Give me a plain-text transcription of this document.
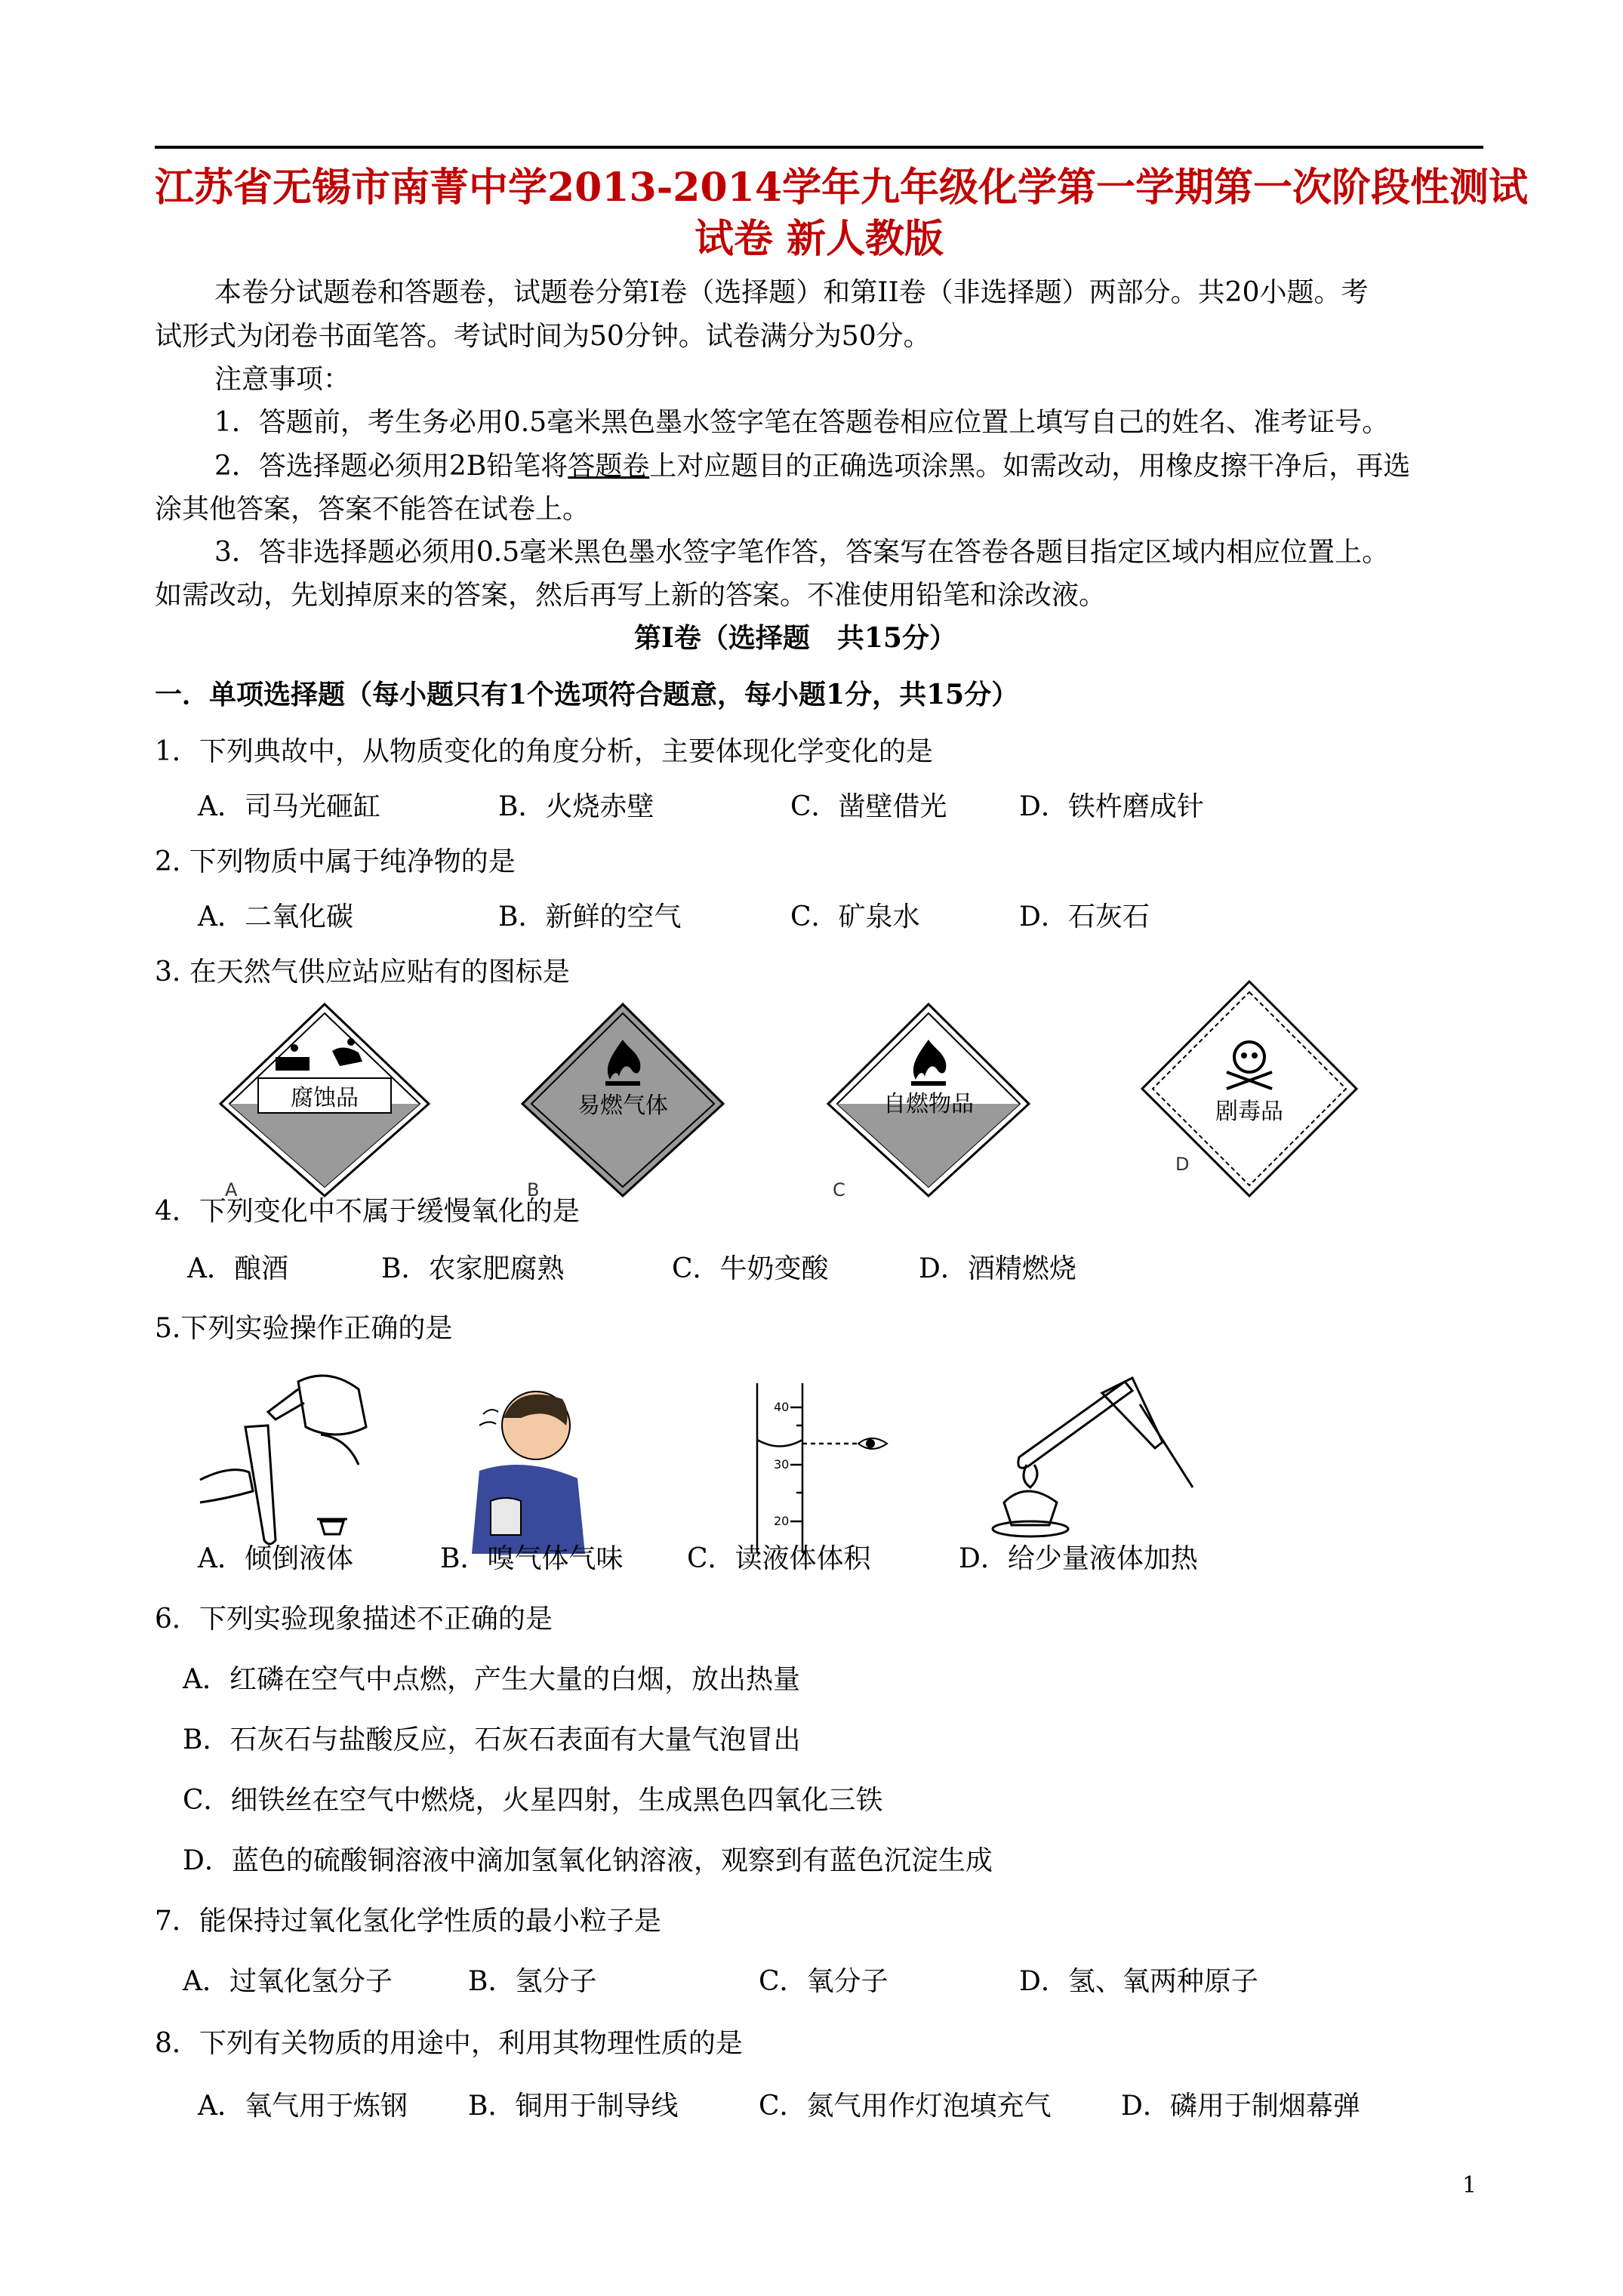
江苏省无锡市南菁中学2013-2014学年九年级化学第一学期第一次阶段性测试
试卷 新人教版
本卷分试题卷和答题卷，试题卷分第I卷（选择题）和第II卷（非选择题）两部分。共20小题。考
试形式为闭卷书面笔答。考试时间为50分钟。试卷满分为50分。
注意事项：
1．答题前，考生务必用0.5毫米黑色墨水签字笔在答题卷相应位置上填写自己的姓名、准考证号。
2．答选择题必须用2B铅笔将答题卷上对应题目的正确选项涂黑。如需改动，用橡皮擦干净后，再选
涂其他答案，答案不能答在试卷上。
3．答非选择题必须用0.5毫米黑色墨水签字笔作答，答案写在答卷各题目指定区域内相应位置上。
如需改动，先划掉原来的答案，然后再写上新的答案。不准使用铅笔和涂改液。
第I卷（选择题　共15分）
一．单项选择题（每小题只有1个选项符合题意，每小题1分，共15分）
1．下列典故中，从物质变化的角度分析，主要体现化学变化的是
A．司马光砸缸	B．火烧赤壁	C．凿壁借光	D．铁杵磨成针
2. 下列物质中属于纯净物的是
A．二氧化碳	B．新鲜的空气	C．矿泉水	D．石灰石
3. 在天然气供应站应贴有的图标是
腐蚀品
A
易燃气体
B
自燃物品
C
剧毒品
D
4．下列变化中不属于缓慢氧化的是
A．酿酒	B．农家肥腐熟	C．牛奶变酸	D．酒精燃烧
5.下列实验操作正确的是
40
30
20
A．倾倒液体	B．嗅气体气味 C．读液体体积	D．给少量液体加热
6．下列实验现象描述不正确的是
A．红磷在空气中点燃，产生大量的白烟，放出热量
B．石灰石与盐酸反应，石灰石表面有大量气泡冒出
C．细铁丝在空气中燃烧，火星四射，生成黑色四氧化三铁
D．蓝色的硫酸铜溶液中滴加氢氧化钠溶液，观察到有蓝色沉淀生成
7．能保持过氧化氢化学性质的最小粒子是
A．过氧化氢分子	B．氢分子	C．氧分子	D．氢、氧两种原子
8．下列有关物质的用途中，利用其物理性质的是
A．氧气用于炼钢 B．铜用于制导线	C．氮气用作灯泡填充气	D．磷用于制烟幕弹
1
